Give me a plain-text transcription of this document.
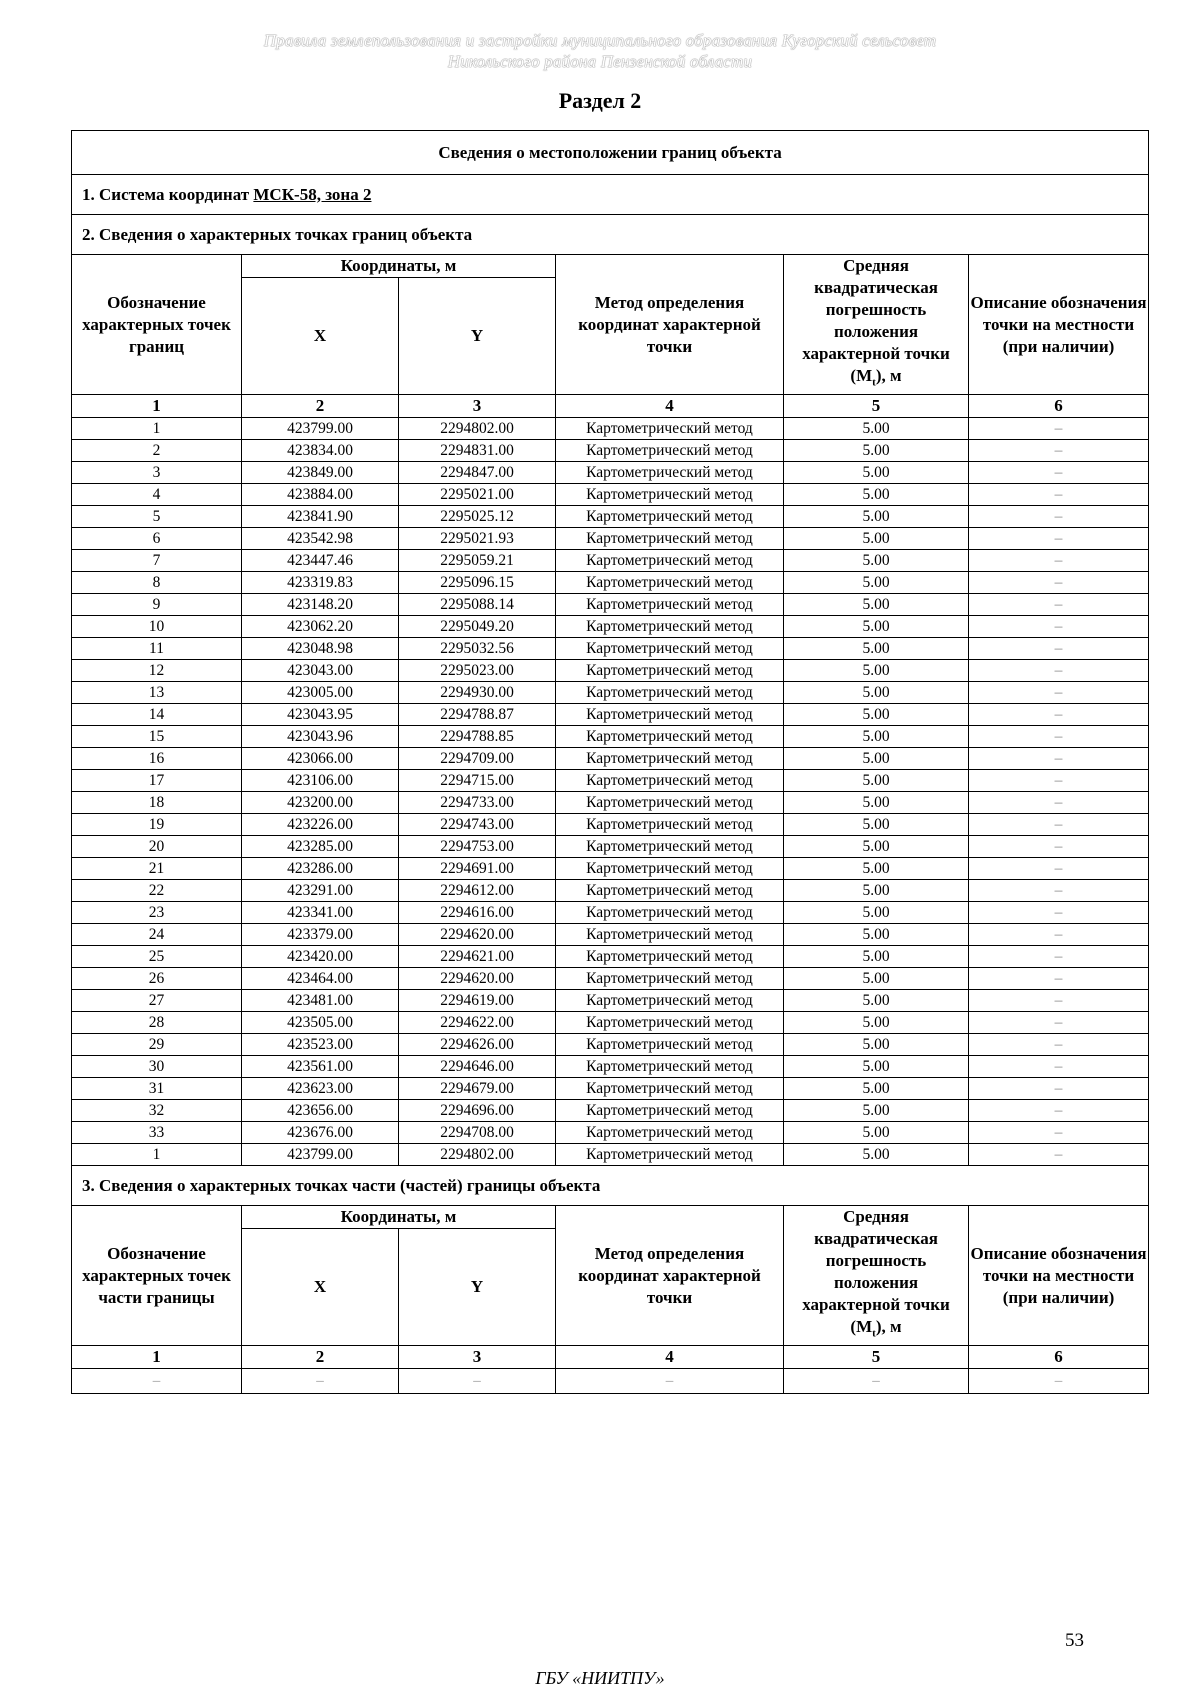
Правила землепользования и застройки муниципального образования Кугорский сельсовет
Никольского района Пензенской области
Раздел 2
Сведения о местоположении границ объекта					
1. Система координат МСК-58, зона 2					
2. Сведения о характерных точках границ объекта					
Обозначение характерных точек границ	Координаты, м		Метод определения координат характерной точки	Средняя квадратическая погрешность положения характерной точки $(M_t)$, м	Описание обозначения точки на местности (при наличии)
	X	Y			
1	2	3	4	5	6
1	423799.00	2294802.00	Картометрический метод	5.00	–
2	423834.00	2294831.00	Картометрический метод	5.00	–
3	423849.00	2294847.00	Картометрический метод	5.00	–
4	423884.00	2295021.00	Картометрический метод	5.00	–
5	423841.90	2295025.12	Картометрический метод	5.00	–
6	423542.98	2295021.93	Картометрический метод	5.00	–
7	423447.46	2295059.21	Картометрический метод	5.00	–
8	423319.83	2295096.15	Картометрический метод	5.00	–
9	423148.20	2295088.14	Картометрический метод	5.00	–
10	423062.20	2295049.20	Картометрический метод	5.00	–
11	423048.98	2295032.56	Картометрический метод	5.00	–
12	423043.00	2295023.00	Картометрический метод	5.00	–
13	423005.00	2294930.00	Картометрический метод	5.00	–
14	423043.95	2294788.87	Картометрический метод	5.00	–
15	423043.96	2294788.85	Картометрический метод	5.00	–
16	423066.00	2294709.00	Картометрический метод	5.00	–
17	423106.00	2294715.00	Картометрический метод	5.00	–
18	423200.00	2294733.00	Картометрический метод	5.00	–
19	423226.00	2294743.00	Картометрический метод	5.00	–
20	423285.00	2294753.00	Картометрический метод	5.00	–
21	423286.00	2294691.00	Картометрический метод	5.00	–
22	423291.00	2294612.00	Картометрический метод	5.00	–
23	423341.00	2294616.00	Картометрический метод	5.00	–
24	423379.00	2294620.00	Картометрический метод	5.00	–
25	423420.00	2294621.00	Картометрический метод	5.00	–
26	423464.00	2294620.00	Картометрический метод	5.00	–
27	423481.00	2294619.00	Картометрический метод	5.00	–
28	423505.00	2294622.00	Картометрический метод	5.00	–
29	423523.00	2294626.00	Картометрический метод	5.00	–
30	423561.00	2294646.00	Картометрический метод	5.00	–
31	423623.00	2294679.00	Картометрический метод	5.00	–
32	423656.00	2294696.00	Картометрический метод	5.00	–
33	423676.00	2294708.00	Картометрический метод	5.00	–
1	423799.00	2294802.00	Картометрический метод	5.00	–
3. Сведения о характерных точках части (частей) границы объекта					
Обозначение характерных точек части границы	Координаты, м		Метод определения координат характерной точки	Средняя квадратическая погрешность положения характерной точки $(M_t)$, м	Описание обозначения точки на местности (при наличии)
	X	Y			
1	2	3	4	5	6
–	–	–	–	–	–
53
ГБУ «НИИТПУ»
